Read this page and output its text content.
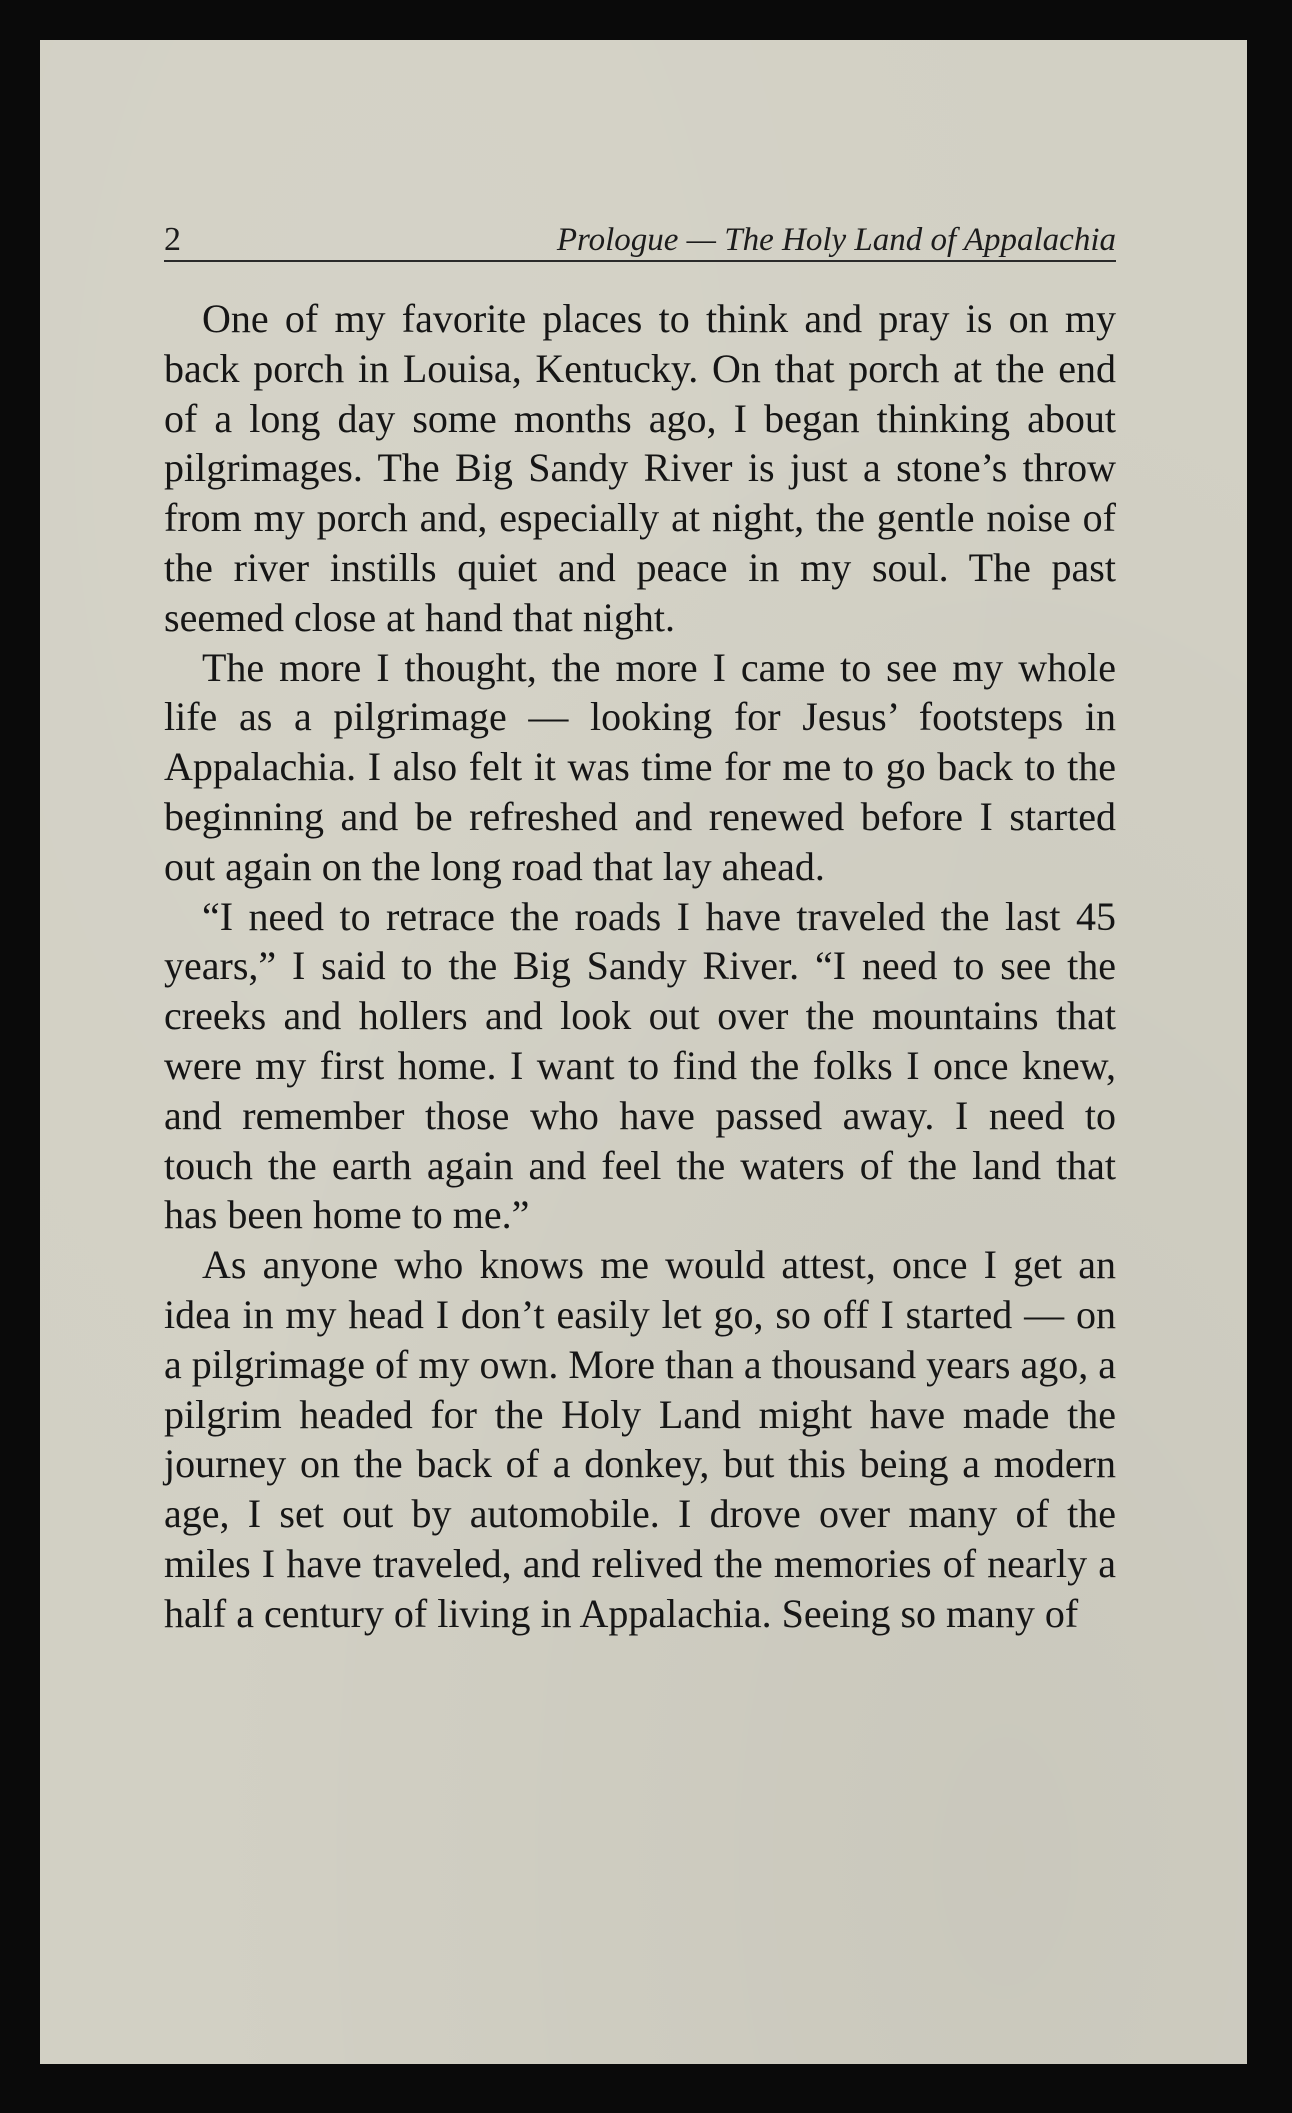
2	Prologue — The Holy Land of Appalachia

One of my favorite places to think and pray is on my back porch in Louisa, Kentucky. On that porch at the end of a long day some months ago, I began thinking about pilgrimages. The Big Sandy River is just a stone’s throw from my porch and, especially at night, the gentle noise of the river instills quiet and peace in my soul. The past seemed close at hand that night.

The more I thought, the more I came to see my whole life as a pilgrimage — looking for Jesus’ footsteps in Appalachia. I also felt it was time for me to go back to the beginning and be refreshed and renewed before I started out again on the long road that lay ahead.

“I need to retrace the roads I have traveled the last 45 years,” I said to the Big Sandy River. “I need to see the creeks and hollers and look out over the mountains that were my first home. I want to find the folks I once knew, and remember those who have passed away. I need to touch the earth again and feel the waters of the land that has been home to me.”

As anyone who knows me would attest, once I get an idea in my head I don’t easily let go, so off I started — on a pilgrimage of my own. More than a thousand years ago, a pilgrim headed for the Holy Land might have made the journey on the back of a donkey, but this being a modern age, I set out by automobile. I drove over many of the miles I have traveled, and relived the memories of nearly a half a century of living in Appalachia. Seeing so many of
